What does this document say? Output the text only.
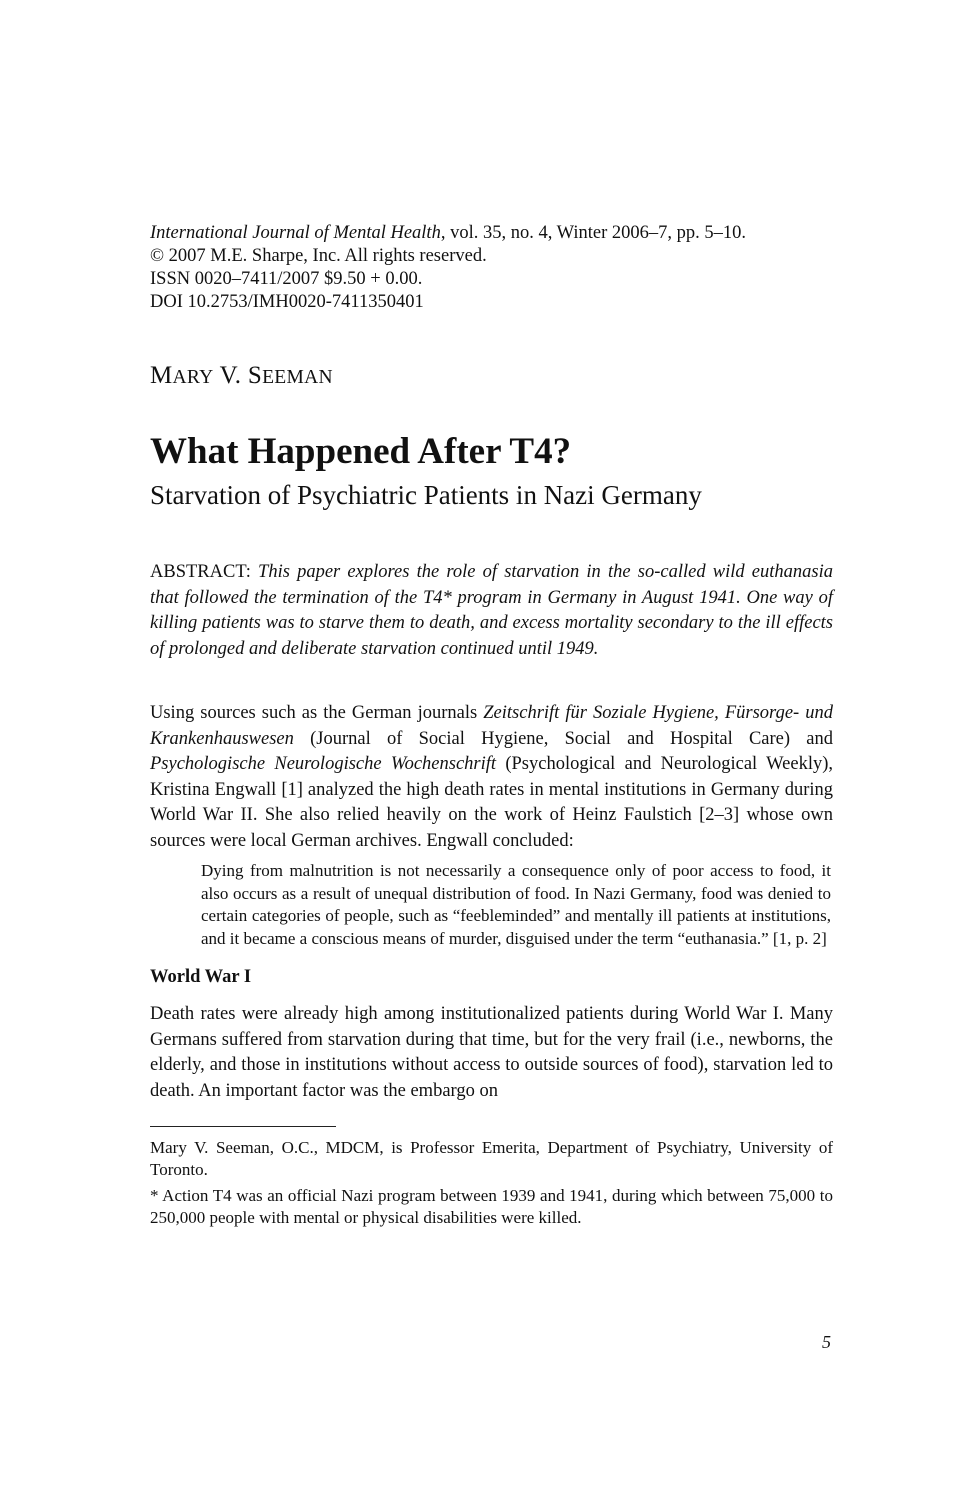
International Journal of Mental Health, vol. 35, no. 4, Winter 2006–7, pp. 5–10.
© 2007 M.E. Sharpe, Inc. All rights reserved.
ISSN 0020–7411/2007 $9.50 + 0.00.
DOI 10.2753/IMH0020-7411350401
MARY V. SEEMAN
What Happened After T4?
Starvation of Psychiatric Patients in Nazi Germany
ABSTRACT: This paper explores the role of starvation in the so-called wild euthanasia that followed the termination of the T4* program in Germany in August 1941. One way of killing patients was to starve them to death, and excess mortality secondary to the ill effects of prolonged and deliberate starvation continued until 1949.
Using sources such as the German journals Zeitschrift für Soziale Hygiene, Fürsorge- und Krankenhauswesen (Journal of Social Hygiene, Social and Hospital Care) and Psychologische Neurologische Wochenschrift (Psychological and Neurological Weekly), Kristina Engwall [1] analyzed the high death rates in mental institutions in Germany during World War II. She also relied heavily on the work of Heinz Faulstich [2–3] whose own sources were local German archives. Engwall concluded:
Dying from malnutrition is not necessarily a consequence only of poor access to food, it also occurs as a result of unequal distribution of food. In Nazi Germany, food was denied to certain categories of people, such as “feebleminded” and mentally ill patients at institutions, and it became a conscious means of murder, disguised under the term “euthanasia.” [1, p. 2]
World War I
Death rates were already high among institutionalized patients during World War I. Many Germans suffered from starvation during that time, but for the very frail (i.e., newborns, the elderly, and those in institutions without access to outside sources of food), starvation led to death. An important factor was the embargo on
Mary V. Seeman, O.C., MDCM, is Professor Emerita, Department of Psychiatry, University of Toronto.
* Action T4 was an official Nazi program between 1939 and 1941, during which between 75,000 to 250,000 people with mental or physical disabilities were killed.
5
